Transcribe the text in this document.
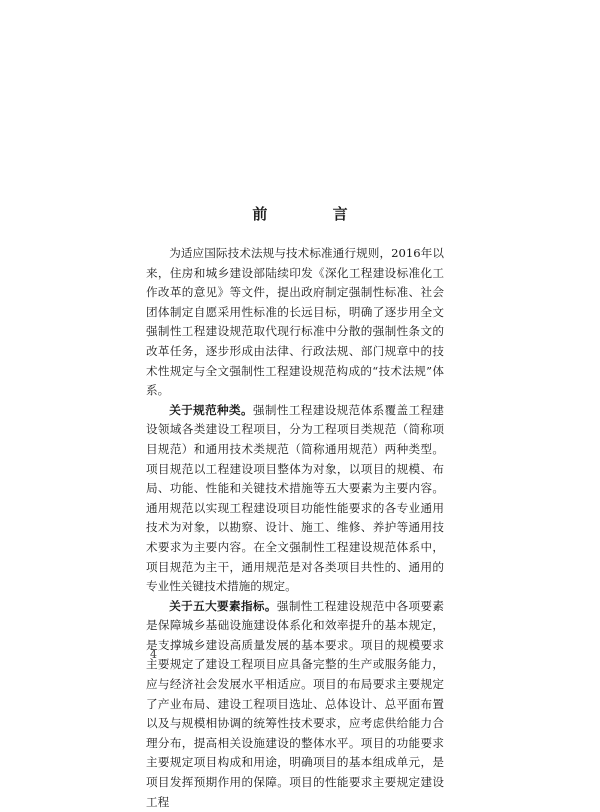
前 言

为适应国际技术法规与技术标准通行规则，2016年以来，住房和城乡建设部陆续印发《深化工程建设标准化工作改革的意见》等文件，提出政府制定强制性标准、社会团体制定自愿采用性标准的长远目标，明确了逐步用全文强制性工程建设规范取代现行标准中分散的强制性条文的改革任务，逐步形成由法律、行政法规、部门规章中的技术性规定与全文强制性工程建设规范构成的“技术法规”体系。

关于规范种类。强制性工程建设规范体系覆盖工程建设领域各类建设工程项目，分为工程项目类规范（简称项目规范）和通用技术类规范（简称通用规范）两种类型。项目规范以工程建设项目整体为对象，以项目的规模、布局、功能、性能和关键技术措施等五大要素为主要内容。通用规范以实现工程建设项目功能性能要求的各专业通用技术为对象，以勘察、设计、施工、维修、养护等通用技术要求为主要内容。在全文强制性工程建设规范体系中，项目规范为主干，通用规范是对各类项目共性的、通用的专业性关键技术措施的规定。

关于五大要素指标。强制性工程建设规范中各项要素是保障城乡基础设施建设体系化和效率提升的基本规定，是支撑城乡建设高质量发展的基本要求。项目的规模要求主要规定了建设工程项目应具备完整的生产或服务能力，应与经济社会发展水平相适应。项目的布局要求主要规定了产业布局、建设工程项目选址、总体设计、总平面布置以及与规模相协调的统筹性技术要求，应考虑供给能力合理分布，提高相关设施建设的整体水平。项目的功能要求主要规定项目构成和用途，明确项目的基本组成单元，是项目发挥预期作用的保障。项目的性能要求主要规定建设工程

4
